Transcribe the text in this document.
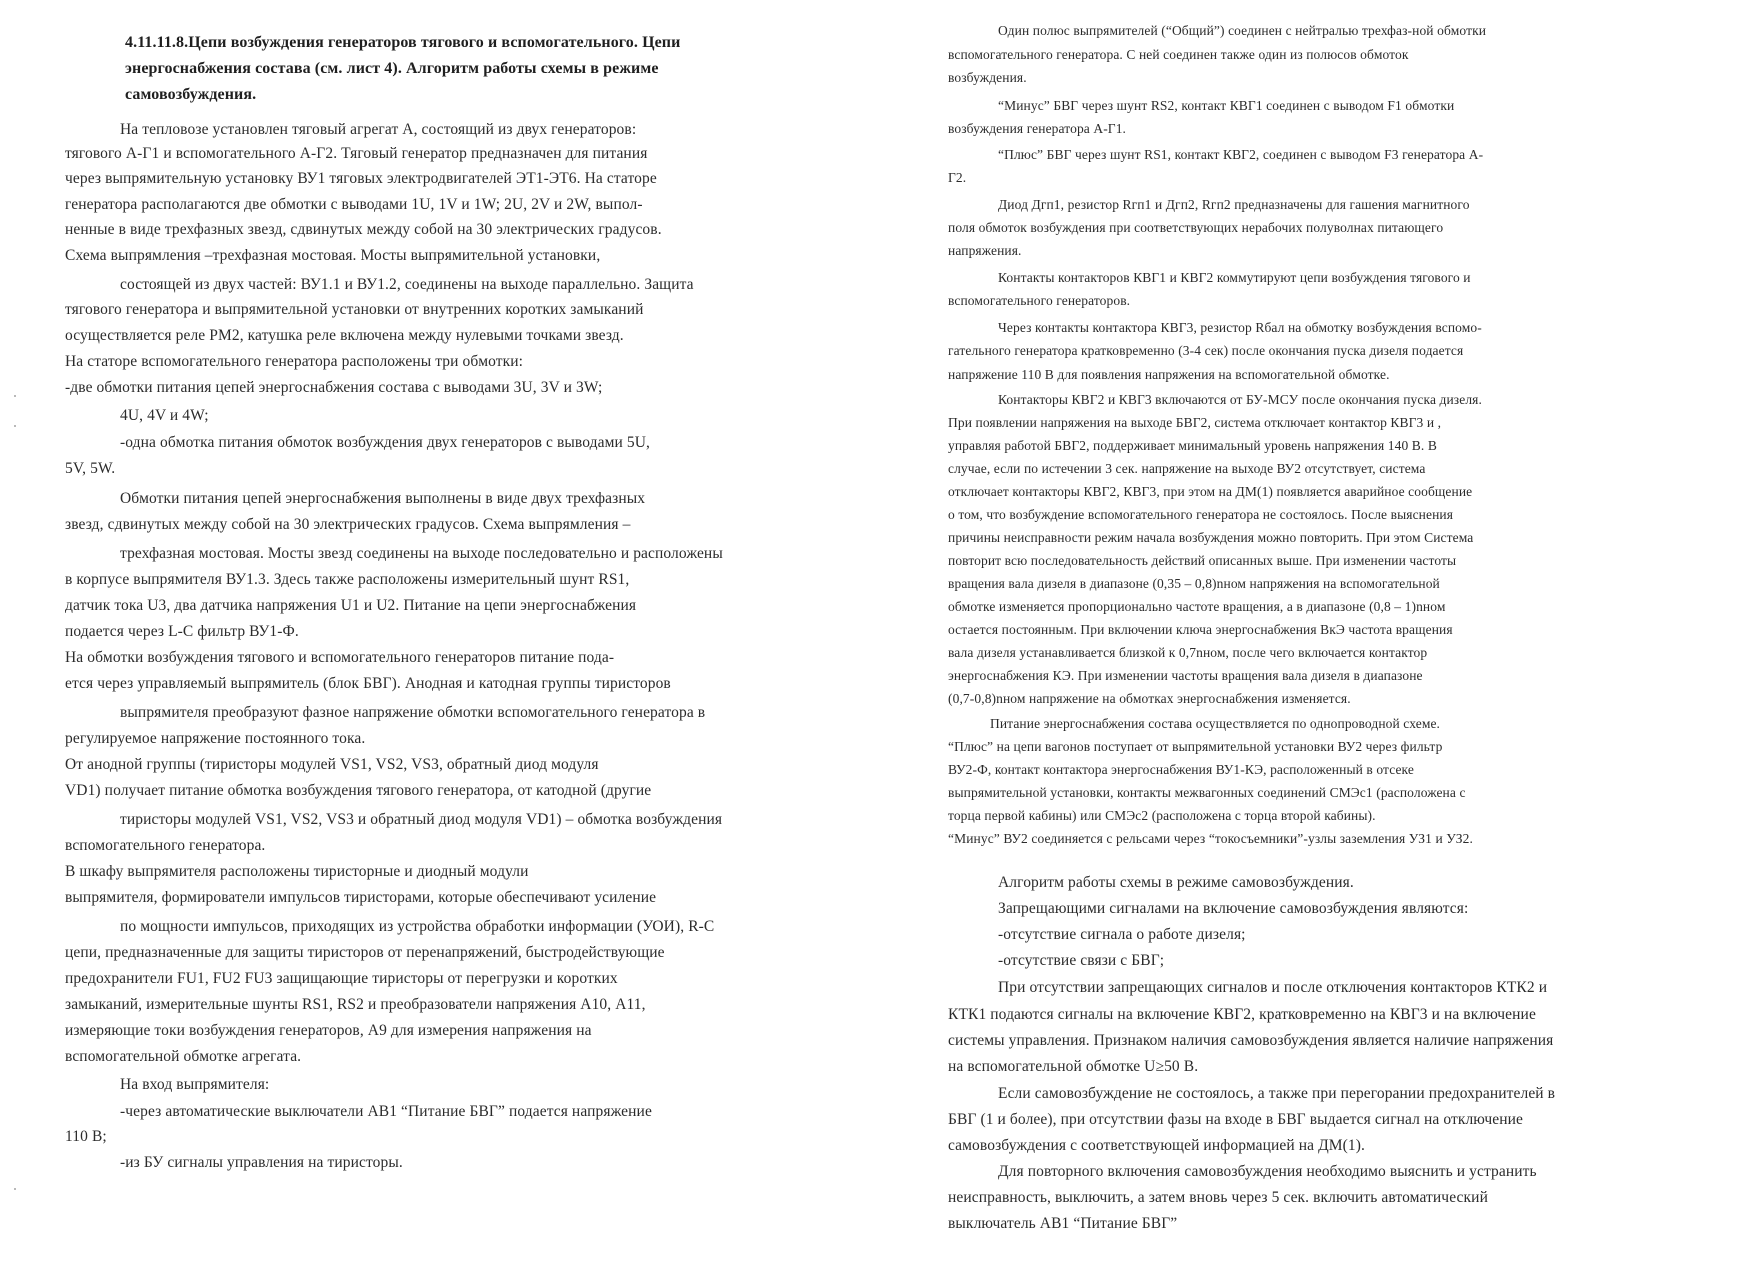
4.11.11.8.Цепи возбуждения генераторов тягового и вспомогательного. Цепи

энергоснабжения состава (см. лист 4). Алгоритм работы схемы в режиме

самовозбуждения.

На тепловозе установлен тяговый агрегат А, состоящий из двух генераторов:

тягового А-Г1 и вспомогательного А-Г2. Тяговый генератор предназначен для питания

через выпрямительную установку ВУ1 тяговых электродвигателей ЭТ1-ЭТ6. На статоре

генератора располагаются две обмотки с выводами 1U, 1V и 1W; 2U, 2V и 2W, выпол-

ненные в виде трехфазных звезд, сдвинутых между собой на 30 электрических градусов.

Схема выпрямления –трехфазная мостовая. Мосты выпрямительной установки,

состоящей из двух частей: ВУ1.1 и ВУ1.2, соединены на выходе параллельно. Защита

тягового генератора и выпрямительной установки от внутренних коротких замыканий

осуществляется реле РМ2, катушка реле включена между нулевыми точками звезд.

На статоре вспомогательного генератора расположены три обмотки:

-две обмотки питания цепей энергоснабжения состава с выводами 3U, 3V и 3W;

4U, 4V и 4W;

-одна обмотка питания обмоток возбуждения двух генераторов с выводами 5U,

5V, 5W.

Обмотки питания цепей энергоснабжения выполнены в виде двух трехфазных

звезд, сдвинутых между собой на 30 электрических градусов. Схема выпрямления –

трехфазная мостовая. Мосты звезд соединены на выходе последовательно и расположены

в корпусе выпрямителя ВУ1.3. Здесь также расположены измерительный шунт RS1,

датчик тока U3, два датчика напряжения U1 и U2. Питание на цепи энергоснабжения

подается через L-C фильтр ВУ1-Ф.

На обмотки возбуждения тягового и вспомогательного генераторов питание пода-

ется через управляемый выпрямитель (блок БВГ). Анодная и катодная группы тиристоров

выпрямителя преобразуют фазное напряжение обмотки вспомогательного генератора в

регулируемое напряжение постоянного тока.

От анодной группы (тиристоры модулей VS1, VS2, VS3, обратный диод модуля

VD1) получает питание обмотка возбуждения тягового генератора, от катодной (другие

тиристоры модулей VS1, VS2, VS3 и обратный диод модуля VD1) – обмотка возбуждения

вспомогательного генератора.

В шкафу выпрямителя расположены тиристорные и диодный модули

выпрямителя, формирователи импульсов тиристорами, которые обеспечивают усиление

по мощности импульсов, приходящих из устройства обработки информации (УОИ), R-C

цепи, предназначенные для защиты тиристоров от перенапряжений, быстродействующие

предохранители FU1, FU2 FU3 защищающие тиристоры от перегрузки и коротких

замыканий, измерительные шунты RS1, RS2 и преобразователи напряжения А10, А11,

измеряющие токи возбуждения генераторов, А9 для измерения напряжения на

вспомогательной обмотке агрегата.

На вход выпрямителя:

-через автоматические выключатели АВ1 “Питание БВГ” подается напряжение

110 В;

-из БУ сигналы управления на тиристоры.

Один полюс выпрямителей (“Общий”) соединен с нейтралью трехфаз-ной обмотки

вспомогательного генератора. С ней соединен также один из полюсов обмоток

возбуждения.

“Минус” БВГ через шунт RS2, контакт КВГ1 соединен с выводом F1 обмотки

возбуждения генератора А-Г1.

“Плюс” БВГ через шунт RS1, контакт КВГ2, соединен с выводом F3 генератора А-

Г2.

Диод Дгп1, резистор Rгп1 и Дгп2, Rгп2 предназначены для гашения магнитного

поля обмоток возбуждения при соответствующих нерабочих полуволнах питающего

напряжения.

Контакты контакторов КВГ1 и КВГ2 коммутируют цепи возбуждения тягового и

вспомогательного генераторов.

Через контакты контактора КВГ3, резистор Rбал на обмотку возбуждения вспомо-

гательного генератора кратковременно (3-4 сек) после окончания пуска дизеля подается

напряжение 110 В для появления напряжения на вспомогательной обмотке.

Контакторы КВГ2 и КВГ3 включаются от БУ-МСУ после окончания пуска дизеля.

При появлении напряжения на выходе БВГ2, система отключает контактор КВГ3 и ,

управляя работой БВГ2, поддерживает минимальный уровень напряжения 140 В. В

случае, если по истечении 3 сек. напряжение на выходе ВУ2 отсутствует, система

отключает контакторы КВГ2, КВГ3, при этом на ДМ(1) появляется аварийное сообщение

о том, что возбуждение вспомогательного генератора не состоялось. После выяснения

причины неисправности режим начала возбуждения можно повторить. При этом Система

повторит всю последовательность действий описанных выше. При изменении частоты

вращения вала дизеля в диапазоне (0,35 – 0,8)nном напряжения на вспомогательной

обмотке изменяется пропорционально частоте вращения, а в диапазоне (0,8 – 1)nном

остается постоянным. При включении ключа энергоснабжения ВкЭ частота вращения

вала дизеля устанавливается близкой к 0,7nном, после чего включается контактор

энергоснабжения КЭ. При изменении частоты вращения вала дизеля в диапазоне

(0,7-0,8)nном напряжение на обмотках энергоснабжения изменяется.

Питание энергоснабжения состава осуществляется по однопроводной схеме.

“Плюс” на цепи вагонов поступает от выпрямительной установки ВУ2 через фильтр

ВУ2-Ф, контакт контактора энергоснабжения ВУ1-КЭ, расположенный в отсеке

выпрямительной установки, контакты межвагонных соединений СМЭс1 (расположена с

торца первой кабины) или СМЭс2 (расположена с торца второй кабины).

“Минус” ВУ2 соединяется с рельсами через “токосъемники”-узлы заземления УЗ1 и УЗ2.

Алгоритм работы схемы в режиме самовозбуждения.

Запрещающими сигналами на включение самовозбуждения являются:

-отсутствие сигнала о работе дизеля;

-отсутствие связи с БВГ;

При отсутствии запрещающих сигналов и после отключения контакторов КТК2 и

КТК1 подаются сигналы на включение КВГ2, кратковременно на КВГ3 и на включение

системы управления. Признаком наличия самовозбуждения является наличие напряжения

на вспомогательной обмотке U≥50 В.

Если самовозбуждение не состоялось, а также при перегорании предохранителей в

БВГ (1 и более), при отсутствии фазы на входе в БВГ выдается сигнал на отключение

самовозбуждения с соответствующей информацией на ДМ(1).

Для повторного включения самовозбуждения необходимо выяснить и устранить

неисправность, выключить, а затем вновь через 5 сек. включить автоматический

выключатель АВ1 “Питание БВГ”
